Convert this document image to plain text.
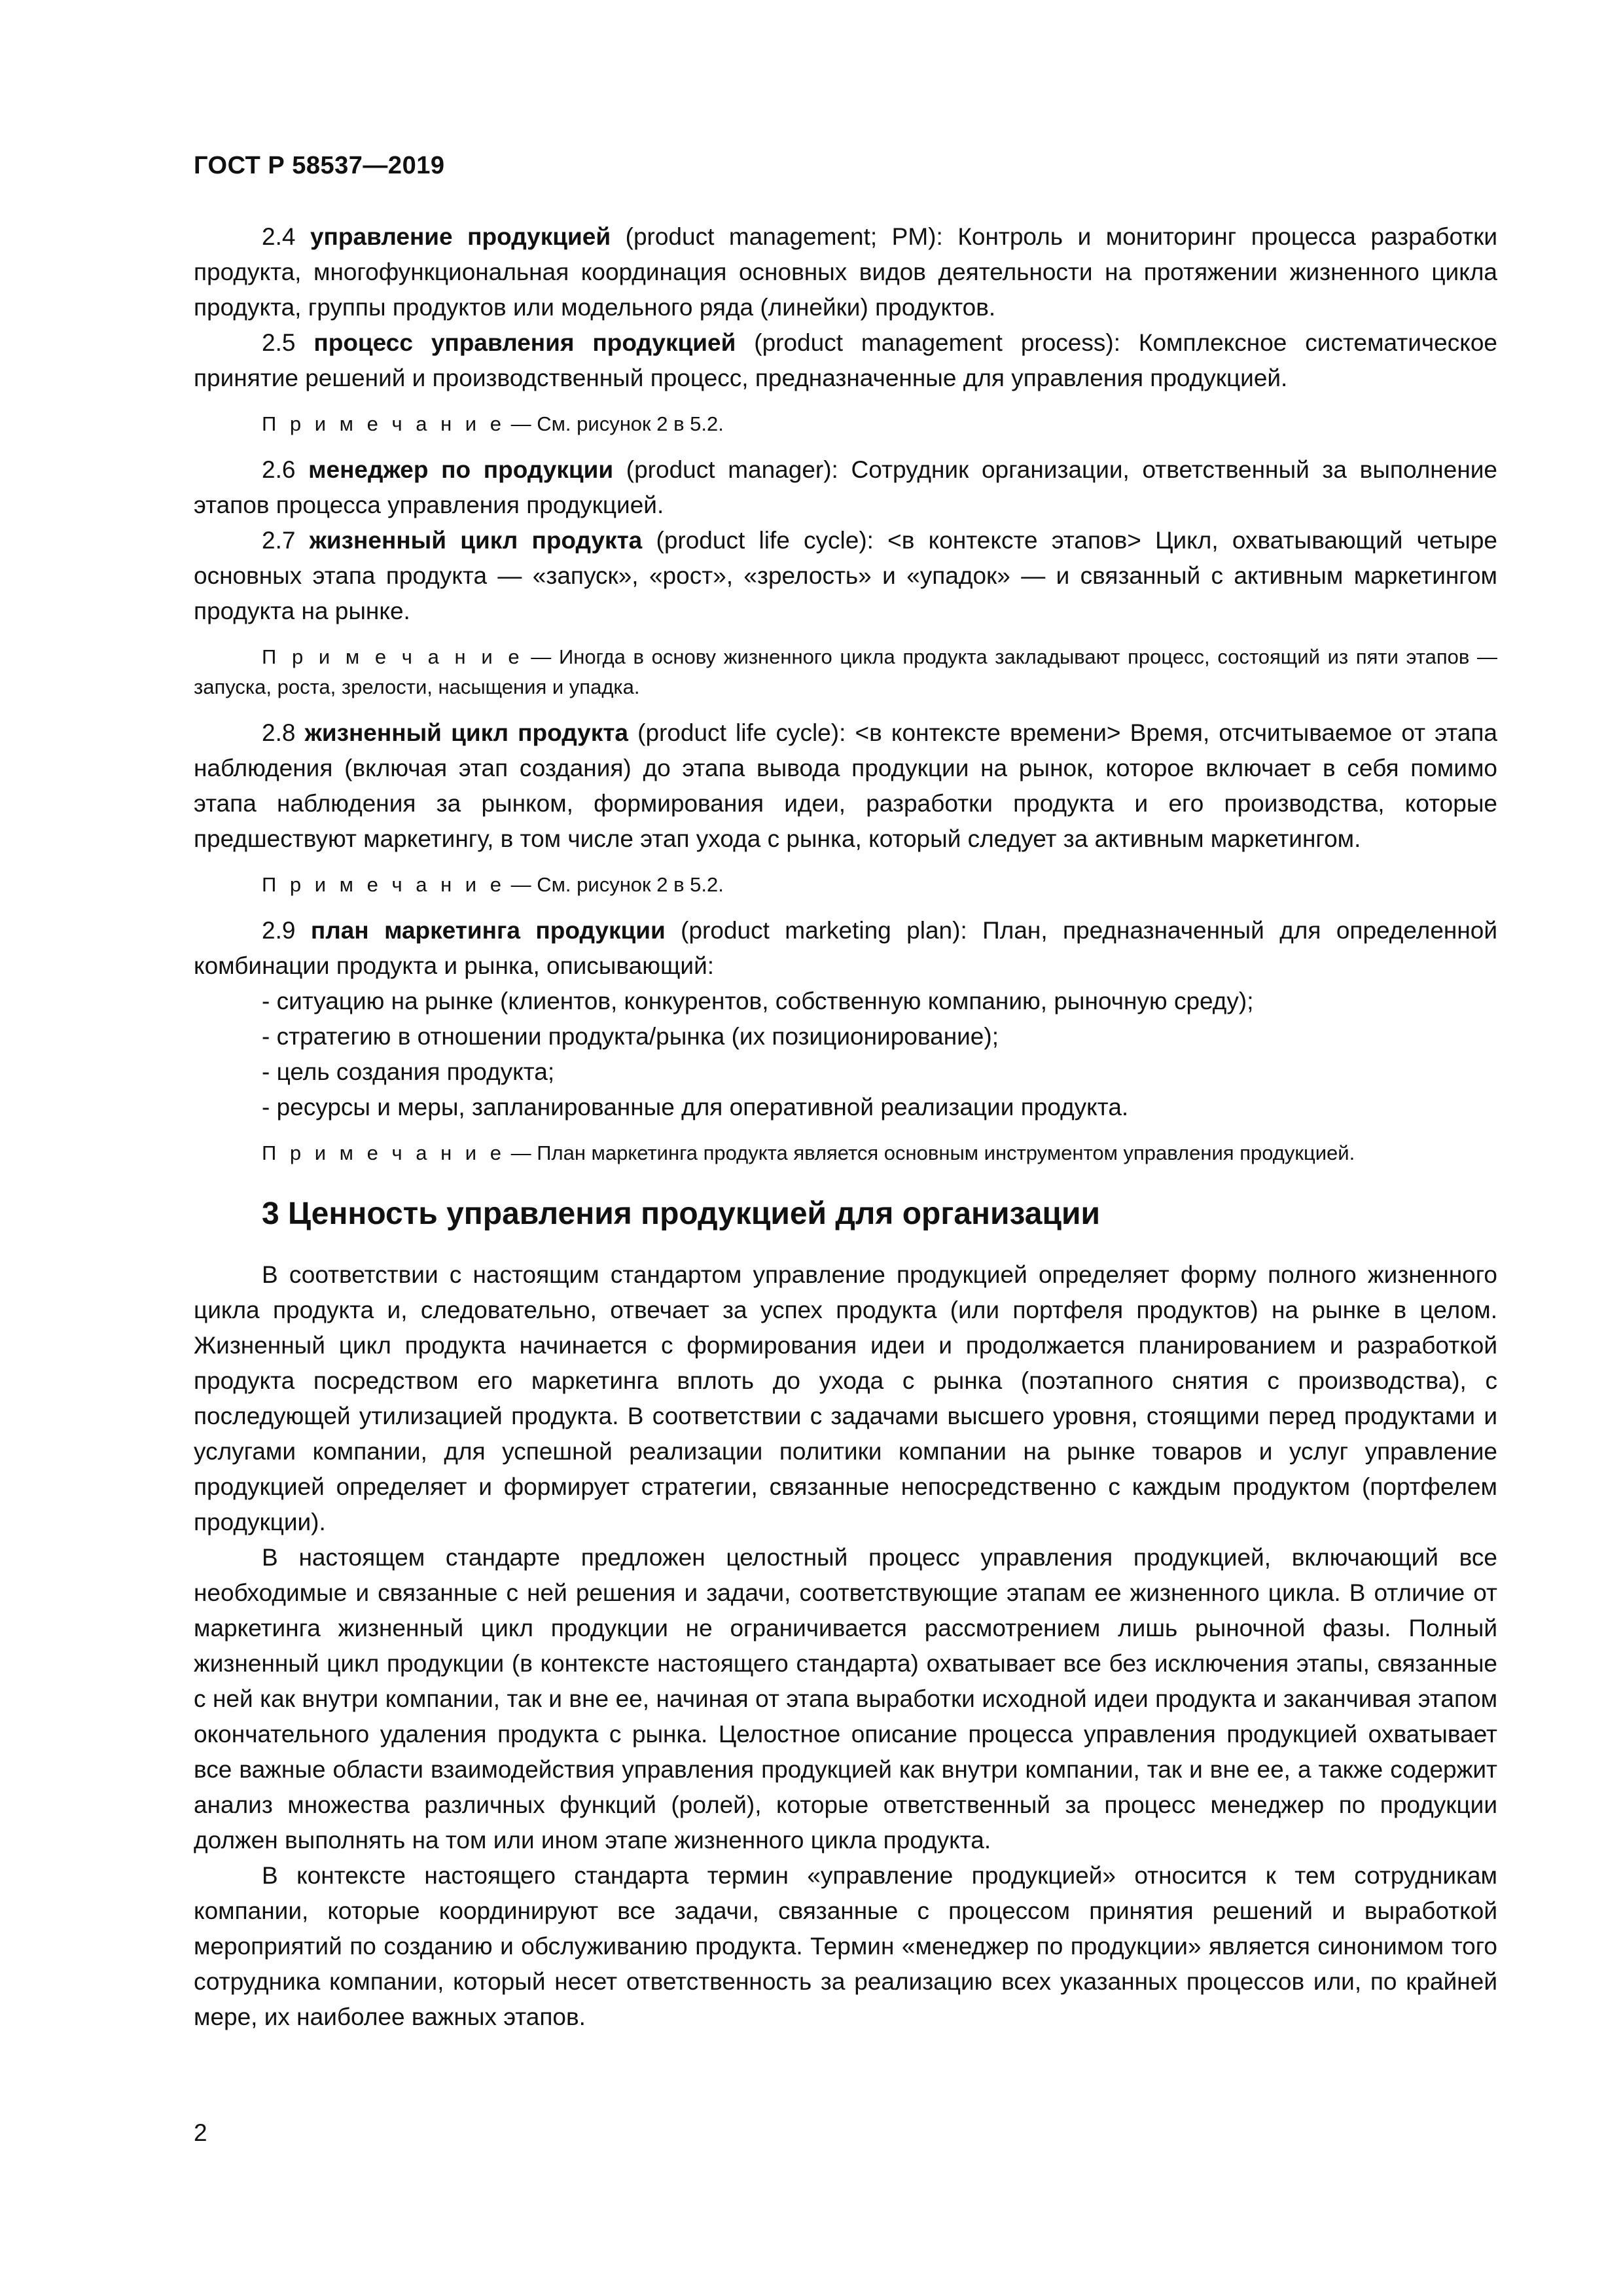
ГОСТ Р 58537—2019

2.4 управление продукцией (product management; PM): Контроль и мониторинг процесса разработки продукта, многофункциональная координация основных видов деятельности на протяжении жизненного цикла продукта, группы продуктов или модельного ряда (линейки) продуктов.

2.5 процесс управления продукцией (product management process): Комплексное систематическое принятие решений и производственный процесс, предназначенные для управления продукцией.

П р и м е ч а н и е — См. рисунок 2 в 5.2.

2.6 менеджер по продукции (product manager): Сотрудник организации, ответственный за выполнение этапов процесса управления продукцией.

2.7 жизненный цикл продукта (product life cycle): <в контексте этапов> Цикл, охватывающий четыре основных этапа продукта — «запуск», «рост», «зрелость» и «упадок» — и связанный с активным маркетингом продукта на рынке.

П р и м е ч а н и е — Иногда в основу жизненного цикла продукта закладывают процесс, состоящий из пяти этапов — запуска, роста, зрелости, насыщения и упадка.

2.8 жизненный цикл продукта (product life cycle): <в контексте времени> Время, отсчитываемое от этапа наблюдения (включая этап создания) до этапа вывода продукции на рынок, которое включает в себя помимо этапа наблюдения за рынком, формирования идеи, разработки продукта и его производства, которые предшествуют маркетингу, в том числе этап ухода с рынка, который следует за активным маркетингом.

П р и м е ч а н и е — См. рисунок 2 в 5.2.

2.9 план маркетинга продукции (product marketing plan): План, предназначенный для определенной комбинации продукта и рынка, описывающий:

- ситуацию на рынке (клиентов, конкурентов, собственную компанию, рыночную среду);

- стратегию в отношении продукта/рынка (их позиционирование);

- цель создания продукта;

- ресурсы и меры, запланированные для оперативной реализации продукта.

П р и м е ч а н и е — План маркетинга продукта является основным инструментом управления продукцией.

3 Ценность управления продукцией для организации

В соответствии с настоящим стандартом управление продукцией определяет форму полного жизненного цикла продукта и, следовательно, отвечает за успех продукта (или портфеля продуктов) на рынке в целом. Жизненный цикл продукта начинается с формирования идеи и продолжается планированием и разработкой продукта посредством его маркетинга вплоть до ухода с рынка (поэтапного снятия с производства), с последующей утилизацией продукта. В соответствии с задачами высшего уровня, стоящими перед продуктами и услугами компании, для успешной реализации политики компании на рынке товаров и услуг управление продукцией определяет и формирует стратегии, связанные непосредственно с каждым продуктом (портфелем продукции).

В настоящем стандарте предложен целостный процесс управления продукцией, включающий все необходимые и связанные с ней решения и задачи, соответствующие этапам ее жизненного цикла. В отличие от маркетинга жизненный цикл продукции не ограничивается рассмотрением лишь рыночной фазы. Полный жизненный цикл продукции (в контексте настоящего стандарта) охватывает все без исключения этапы, связанные с ней как внутри компании, так и вне ее, начиная от этапа выработки исходной идеи продукта и заканчивая этапом окончательного удаления продукта с рынка. Целостное описание процесса управления продукцией охватывает все важные области взаимодействия управления продукцией как внутри компании, так и вне ее, а также содержит анализ множества различных функций (ролей), которые ответственный за процесс менеджер по продукции должен выполнять на том или ином этапе жизненного цикла продукта.

В контексте настоящего стандарта термин «управление продукцией» относится к тем сотрудникам компании, которые координируют все задачи, связанные с процессом принятия решений и выработкой мероприятий по созданию и обслуживанию продукта. Термин «менеджер по продукции» является синонимом того сотрудника компании, который несет ответственность за реализацию всех указанных процессов или, по крайней мере, их наиболее важных этапов.

2
